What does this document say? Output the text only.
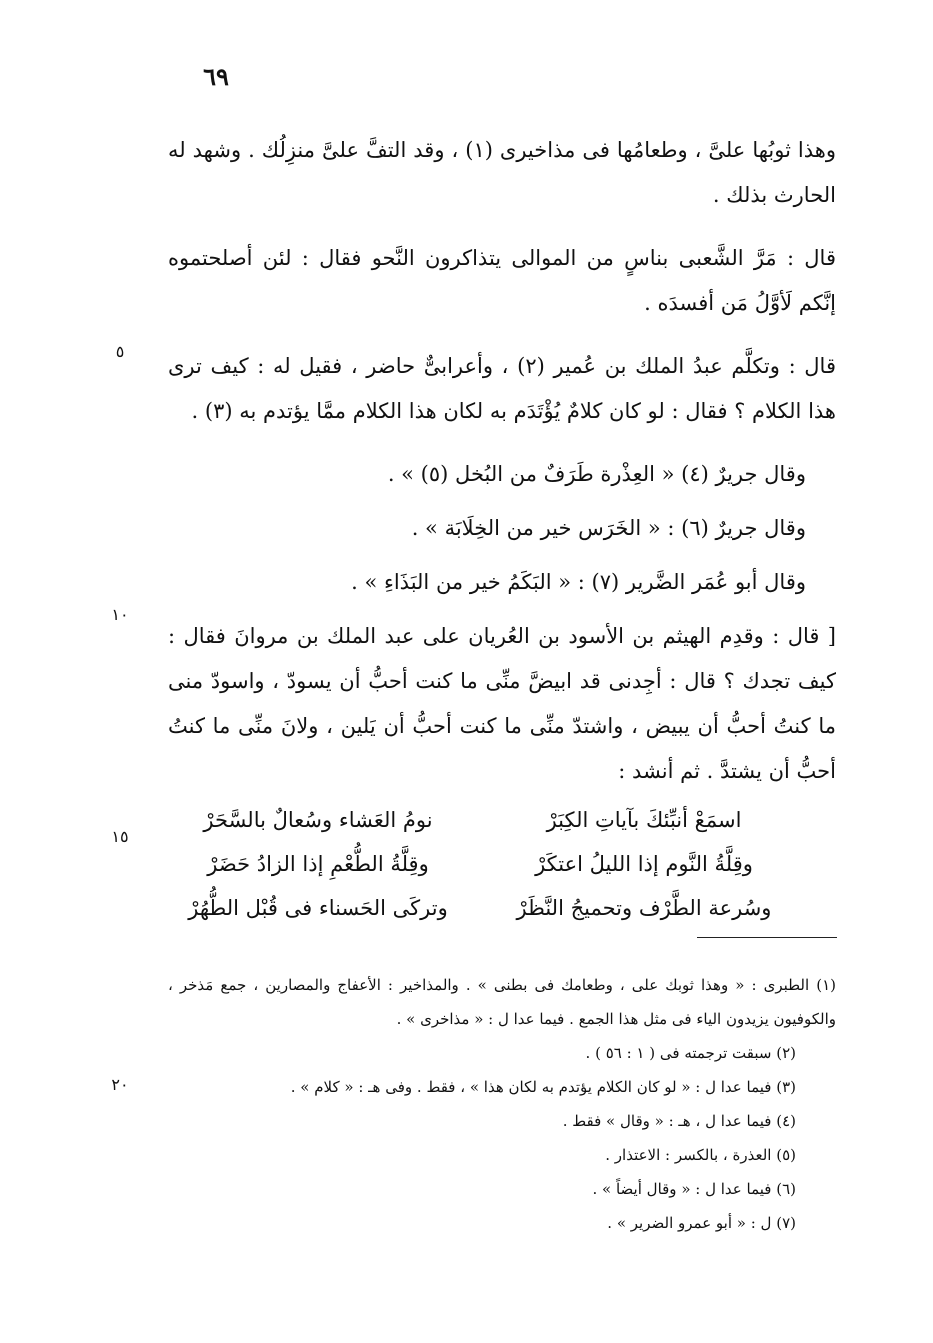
٦٩
٥
١٠
١٥
٢٠

وهذا ثوبُها علىَّ ، وطعامُها فى مذاخيرى (١) ، وقد التفَّ علىَّ منزِلُك . وشهد له الحارث بذلك .

قال : مَرَّ الشَّعبى بناسٍ من الموالى يتذاكرون النَّحو فقال : لئن أصلحتموه إنَّكم لَأوَّلُ مَن أفسدَه .

قال : وتكلَّم عبدُ الملك بن عُمير (٢) ، وأعرابىٌّ حاضر ، فقيل له : كيف ترى هذا الكلام ؟ فقال : لو كان كلامٌ يُؤْتَدَم به لكان هذا الكلام ممَّا يؤتدم به (٣) .

وقال جريرٌ (٤) « العِذْرة طَرَفٌ من البُخل (٥) » .

وقال جريرٌ (٦) : « الخَرَس خير من الخِلَابَة » .

وقال أبو عُمَر الضَّرير (٧) : « البَكَمُ خير من البَذَاءِ » .

[ قال : وقدِم الهيثم بن الأسود بن العُريان على عبد الملك بن مروانَ فقال : كيف تجدك ؟ قال : أجِدنى قد ابيضَّ منِّى ما كنت أحبُّ أن يسودّ ، واسودّ منى ما كنتُ أحبُّ أن يبيض ، واشتدّ منِّى ما كنت أحبُّ أن يَلين ، ولانَ منِّى ما كنتُ أحبُّ أن يشتدَّ . ثم أنشد :

اسمَعْ أنبِّئكَ بآياتِ الكِبَرْ
نومُ العَشاء وسُعالٌ بالسَّحَرْ
وقِلَّةُ النَّوم إذا الليلُ اعتكَرْ
وقِلَّةُ الطُّعْمِ إذا الزادُ حَضَرْ
وسُرعة الطَّرْف وتحميجُ النَّظَرْ
وتركَى الحَسناء فى قُبْل الطُّهُرْ

(١) الطبرى : « وهذا ثوبك على ، وطعامك فى بطنى » . والمذاخير : الأعفاج والمصارين ، جمع مَذخر ، والكوفيون يزيدون الياء فى مثل هذا الجمع . فيما عدا ل : « مذاخرى » .

(٢) سبقت ترجمته فى ( ١ : ٥٦ ) .

(٣) فيما عدا ل : « لو كان الكلام يؤتدم به لكان هذا » ، فقط . وفى هـ : « كلام » .

(٤) فيما عدا ل ، هـ : « وقال » فقط .

(٥) العذرة ، بالكسر : الاعتذار .

(٦) فيما عدا ل : « وقال أيضاً » .

(٧) ل : « أبو عمرو الضرير » .
